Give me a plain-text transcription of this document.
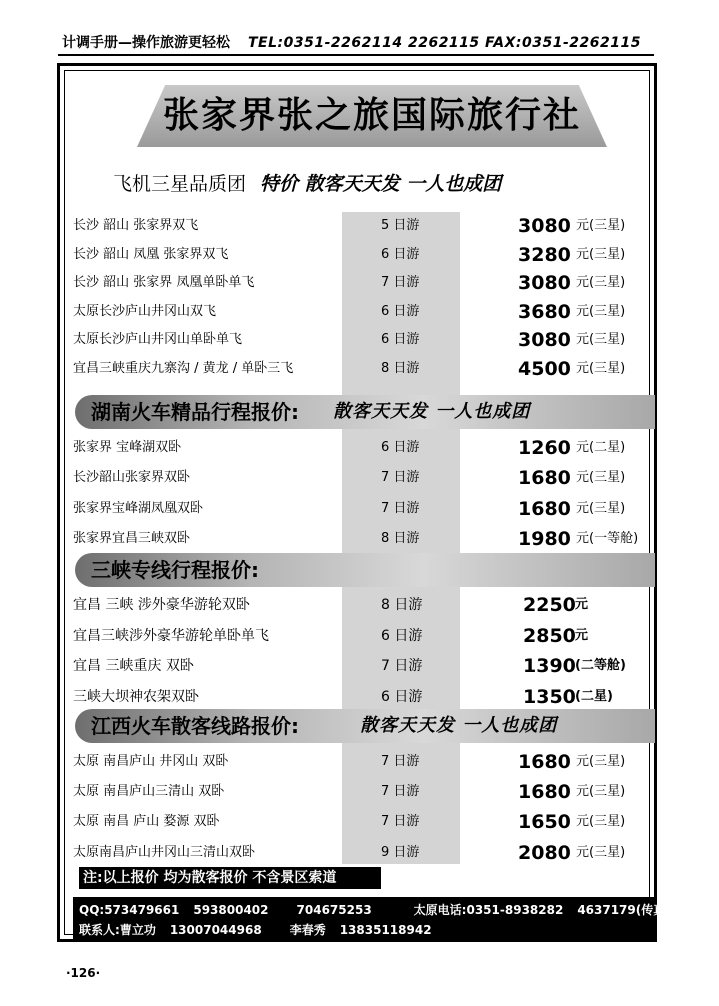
计调手册—操作旅游更轻松 TEL:0351-2262114 2262115 FAX:0351-2262115
张家界张之旅国际旅行社
飞机三星品质团 特价 散客天天发 一人也成团
长沙 韶山 张家界双飞	5 日游	3080 元(三星)
长沙 韶山 凤凰 张家界双飞	6 日游	3280 元(三星)
长沙 韶山 张家界 凤凰单卧单飞	7 日游	3080 元(三星)
太原长沙庐山井冈山双飞	6 日游	3680 元(三星)
太原长沙庐山井冈山单卧单飞	6 日游	3080 元(三星)
宜昌三峡重庆九寨沟 / 黄龙 / 单卧三飞	8 日游	4500 元(三星)
张家界 宝峰湖双卧	6 日游	1260 元(二星)
长沙韶山张家界双卧	7 日游	1680 元(三星)
张家界宝峰湖凤凰双卧	7 日游	1680 元(三星)
张家界宜昌三峡双卧	8 日游	1980 元(一等舱)
宜昌 三峡 涉外豪华游轮双卧	8 日游	2250 元
宜昌三峡涉外豪华游轮单卧单飞	6 日游	2850 元
宜昌 三峡重庆 双卧	7 日游	1390 (二等舱)
三峡大坝神农架双卧	6 日游	1350 (二星)
太原 南昌庐山 井冈山 双卧	7 日游	1680 元(三星)
太原 南昌庐山三清山 双卧	7 日游	1680 元(三星)
太原 南昌 庐山 婺源 双卧	7 日游	1650 元(三星)
太原南昌庐山井冈山三清山双卧	9 日游	2080 元(三星)
湖南火车精品行程报价: 散客天天发 一人也成团
三峡专线行程报价:
江西火车散客线路报价:	散客天天发 一人也成团
注:以上报价 均为散客报价 不含景区索道
QQ:573479661 593800402 704675253	太原电话:0351-8938282 4637179(传真)
联系人:曹立功 13007044968 李春秀 13835118942
·126·
